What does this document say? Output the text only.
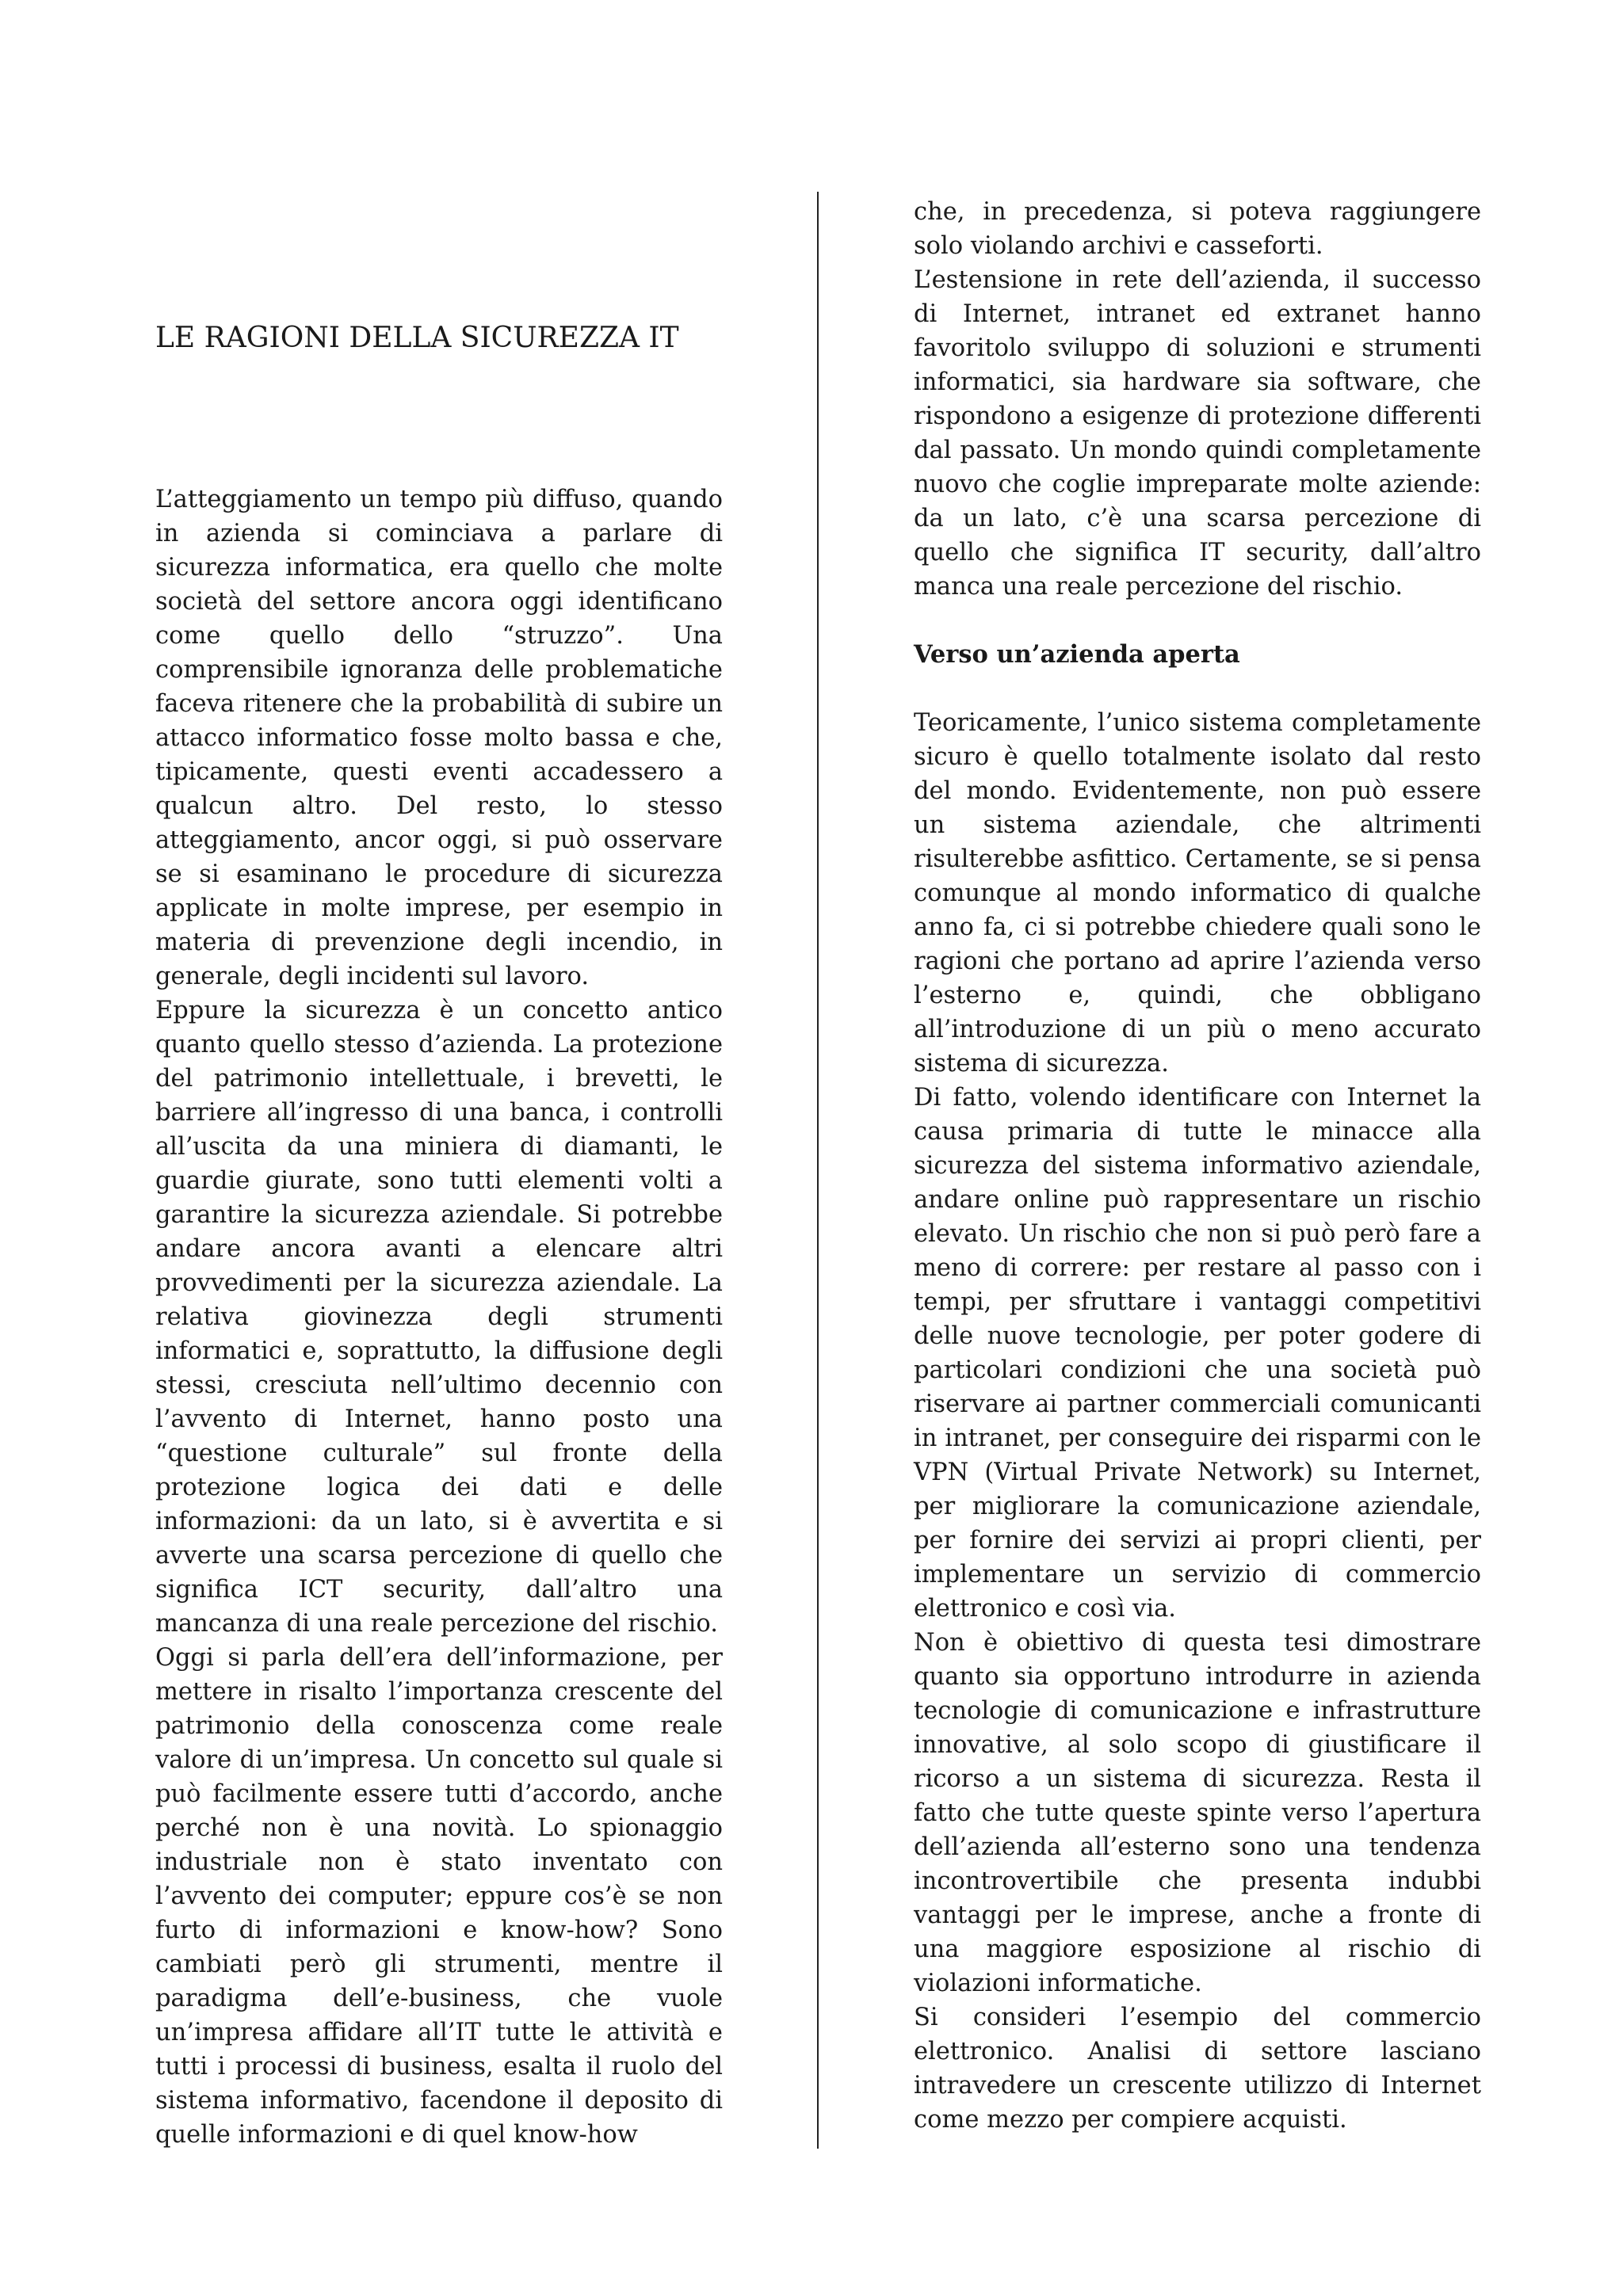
LE RAGIONI DELLA SICUREZZA IT

L’atteggiamento un tempo più diffuso, quando in azienda si cominciava a parlare di sicurezza informatica, era quello che molte società del settore ancora oggi identificano come quello dello “struzzo”. Una comprensibile ignoranza delle problematiche faceva ritenere che la probabilità di subire un attacco informatico fosse molto bassa e che, tipicamente, questi eventi accadessero a qualcun altro. Del resto, lo stesso atteggiamento, ancor oggi, si può osservare se si esaminano le procedure di sicurezza applicate in molte imprese, per esempio in materia di prevenzione degli incendio, in generale, degli incidenti sul lavoro.

Eppure la sicurezza è un concetto antico quanto quello stesso d’azienda. La protezione del patrimonio intellettuale, i brevetti, le barriere all’ingresso di una banca, i controlli all’uscita da una miniera di diamanti, le guardie giurate, sono tutti elementi volti a garantire la sicurezza aziendale. Si potrebbe andare ancora avanti a elencare altri provvedimenti per la sicurezza aziendale. La relativa giovinezza degli strumenti informatici e, soprattutto, la diffusione degli stessi, cresciuta nell’ultimo decennio con l’avvento di Internet, hanno posto una “questione culturale” sul fronte della protezione logica dei dati e delle informazioni: da un lato, si è avvertita e si avverte una scarsa percezione di quello che significa ICT security, dall’altro una mancanza di una reale percezione del rischio.

Oggi si parla dell’era dell’informazione, per mettere in risalto l’importanza crescente del patrimonio della conoscenza come reale valore di un’impresa. Un concetto sul quale si può facilmente essere tutti d’accordo, anche perché non è una novità. Lo spionaggio industriale non è stato inventato con l’avvento dei computer; eppure cos’è se non furto di informazioni e know-how? Sono cambiati però gli strumenti, mentre il paradigma dell’e-business, che vuole un’impresa affidare all’IT tutte le attività e tutti i processi di business, esalta il ruolo del sistema informativo, facendone il deposito di quelle informazioni e di quel know-how

che, in precedenza, si poteva raggiungere solo violando archivi e casseforti.

L’estensione in rete dell’azienda, il successo di Internet, intranet ed extranet hanno favoritolo sviluppo di soluzioni e strumenti informatici, sia hardware sia software, che rispondono a esigenze di protezione differenti dal passato. Un mondo quindi completamente nuovo che coglie impreparate molte aziende: da un lato, c’è una scarsa percezione di quello che significa IT security, dall’altro manca una reale percezione del rischio.

Verso un’azienda aperta

Teoricamente, l’unico sistema completamente sicuro è quello totalmente isolato dal resto del mondo. Evidentemente, non può essere un sistema aziendale, che altrimenti risulterebbe asfittico. Certamente, se si pensa comunque al mondo informatico di qualche anno fa, ci si potrebbe chiedere quali sono le ragioni che portano ad aprire l’azienda verso l’esterno e, quindi, che obbligano all’introduzione di un più o meno accurato sistema di sicurezza.

Di fatto, volendo identificare con Internet la causa primaria di tutte le minacce alla sicurezza del sistema informativo aziendale, andare online può rappresentare un rischio elevato. Un rischio che non si può però fare a meno di correre: per restare al passo con i tempi, per sfruttare i vantaggi competitivi delle nuove tecnologie, per poter godere di particolari condizioni che una società può riservare ai partner commerciali comunicanti in intranet, per conseguire dei risparmi con le VPN (Virtual Private Network) su Internet, per migliorare la comunicazione aziendale, per fornire dei servizi ai propri clienti, per implementare un servizio di commercio elettronico e così via.

Non è obiettivo di questa tesi dimostrare quanto sia opportuno introdurre in azienda tecnologie di comunicazione e infrastrutture innovative, al solo scopo di giustificare il ricorso a un sistema di sicurezza. Resta il fatto che tutte queste spinte verso l’apertura dell’azienda all’esterno sono una tendenza incontrovertibile che presenta indubbi vantaggi per le imprese, anche a fronte di una maggiore esposizione al rischio di violazioni informatiche.

Si consideri l’esempio del commercio elettronico. Analisi di settore lasciano intravedere un crescente utilizzo di Internet come mezzo per compiere acquisti.
